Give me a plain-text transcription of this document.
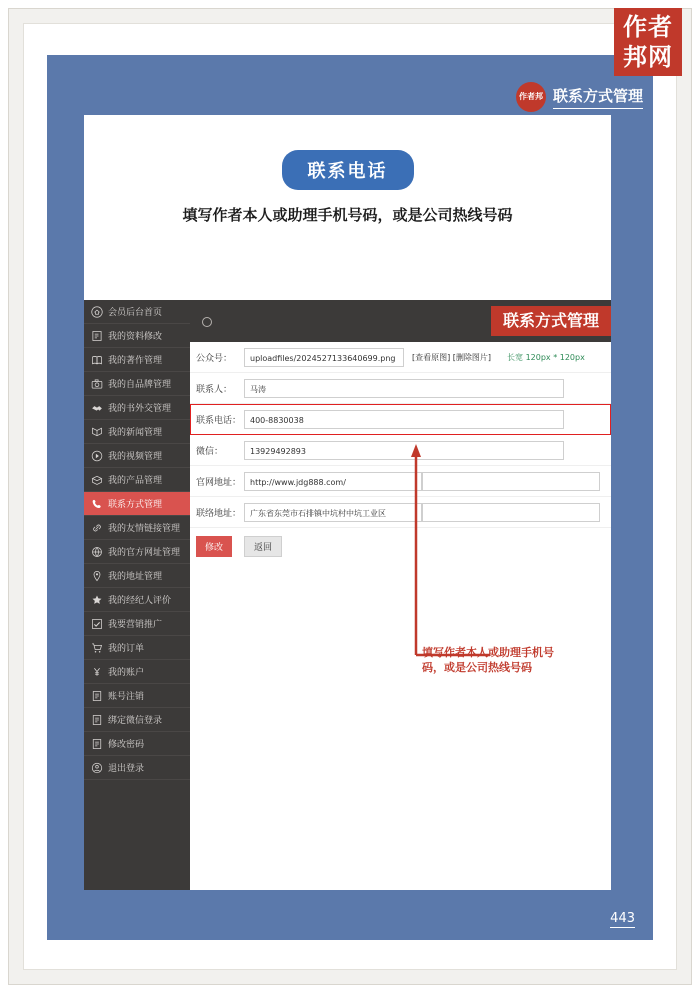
作者
邦网
作者邦 联系方式管理
联系电话
填写作者本人或助理手机号码，或是公司热线号码
会员后台首页
我的资料修改
我的著作管理
我的自品牌管理
我的书外交管理
我的新闻管理
我的视频管理
我的产品管理
联系方式管理
我的友情链接管理
我的官方网址管理
我的地址管理
我的经纪人评价
我要营销推广
我的订单
我的账户
账号注销
绑定微信登录
修改密码
退出登录
联系方式管理
公众号：	uploadfiles/2024527133640699.png	[查看原图] [删除图片] 长宽 120px * 120px
联系人：	马涛
联系电话：	400-8830038
微信：	13929492893
官网地址：	http://www.jdg888.com/
联络地址：	广东省东莞市石排镇中坑村中坑工业区
修改	返回
填写作者本人或助理手机号码，或是公司热线号码
443
